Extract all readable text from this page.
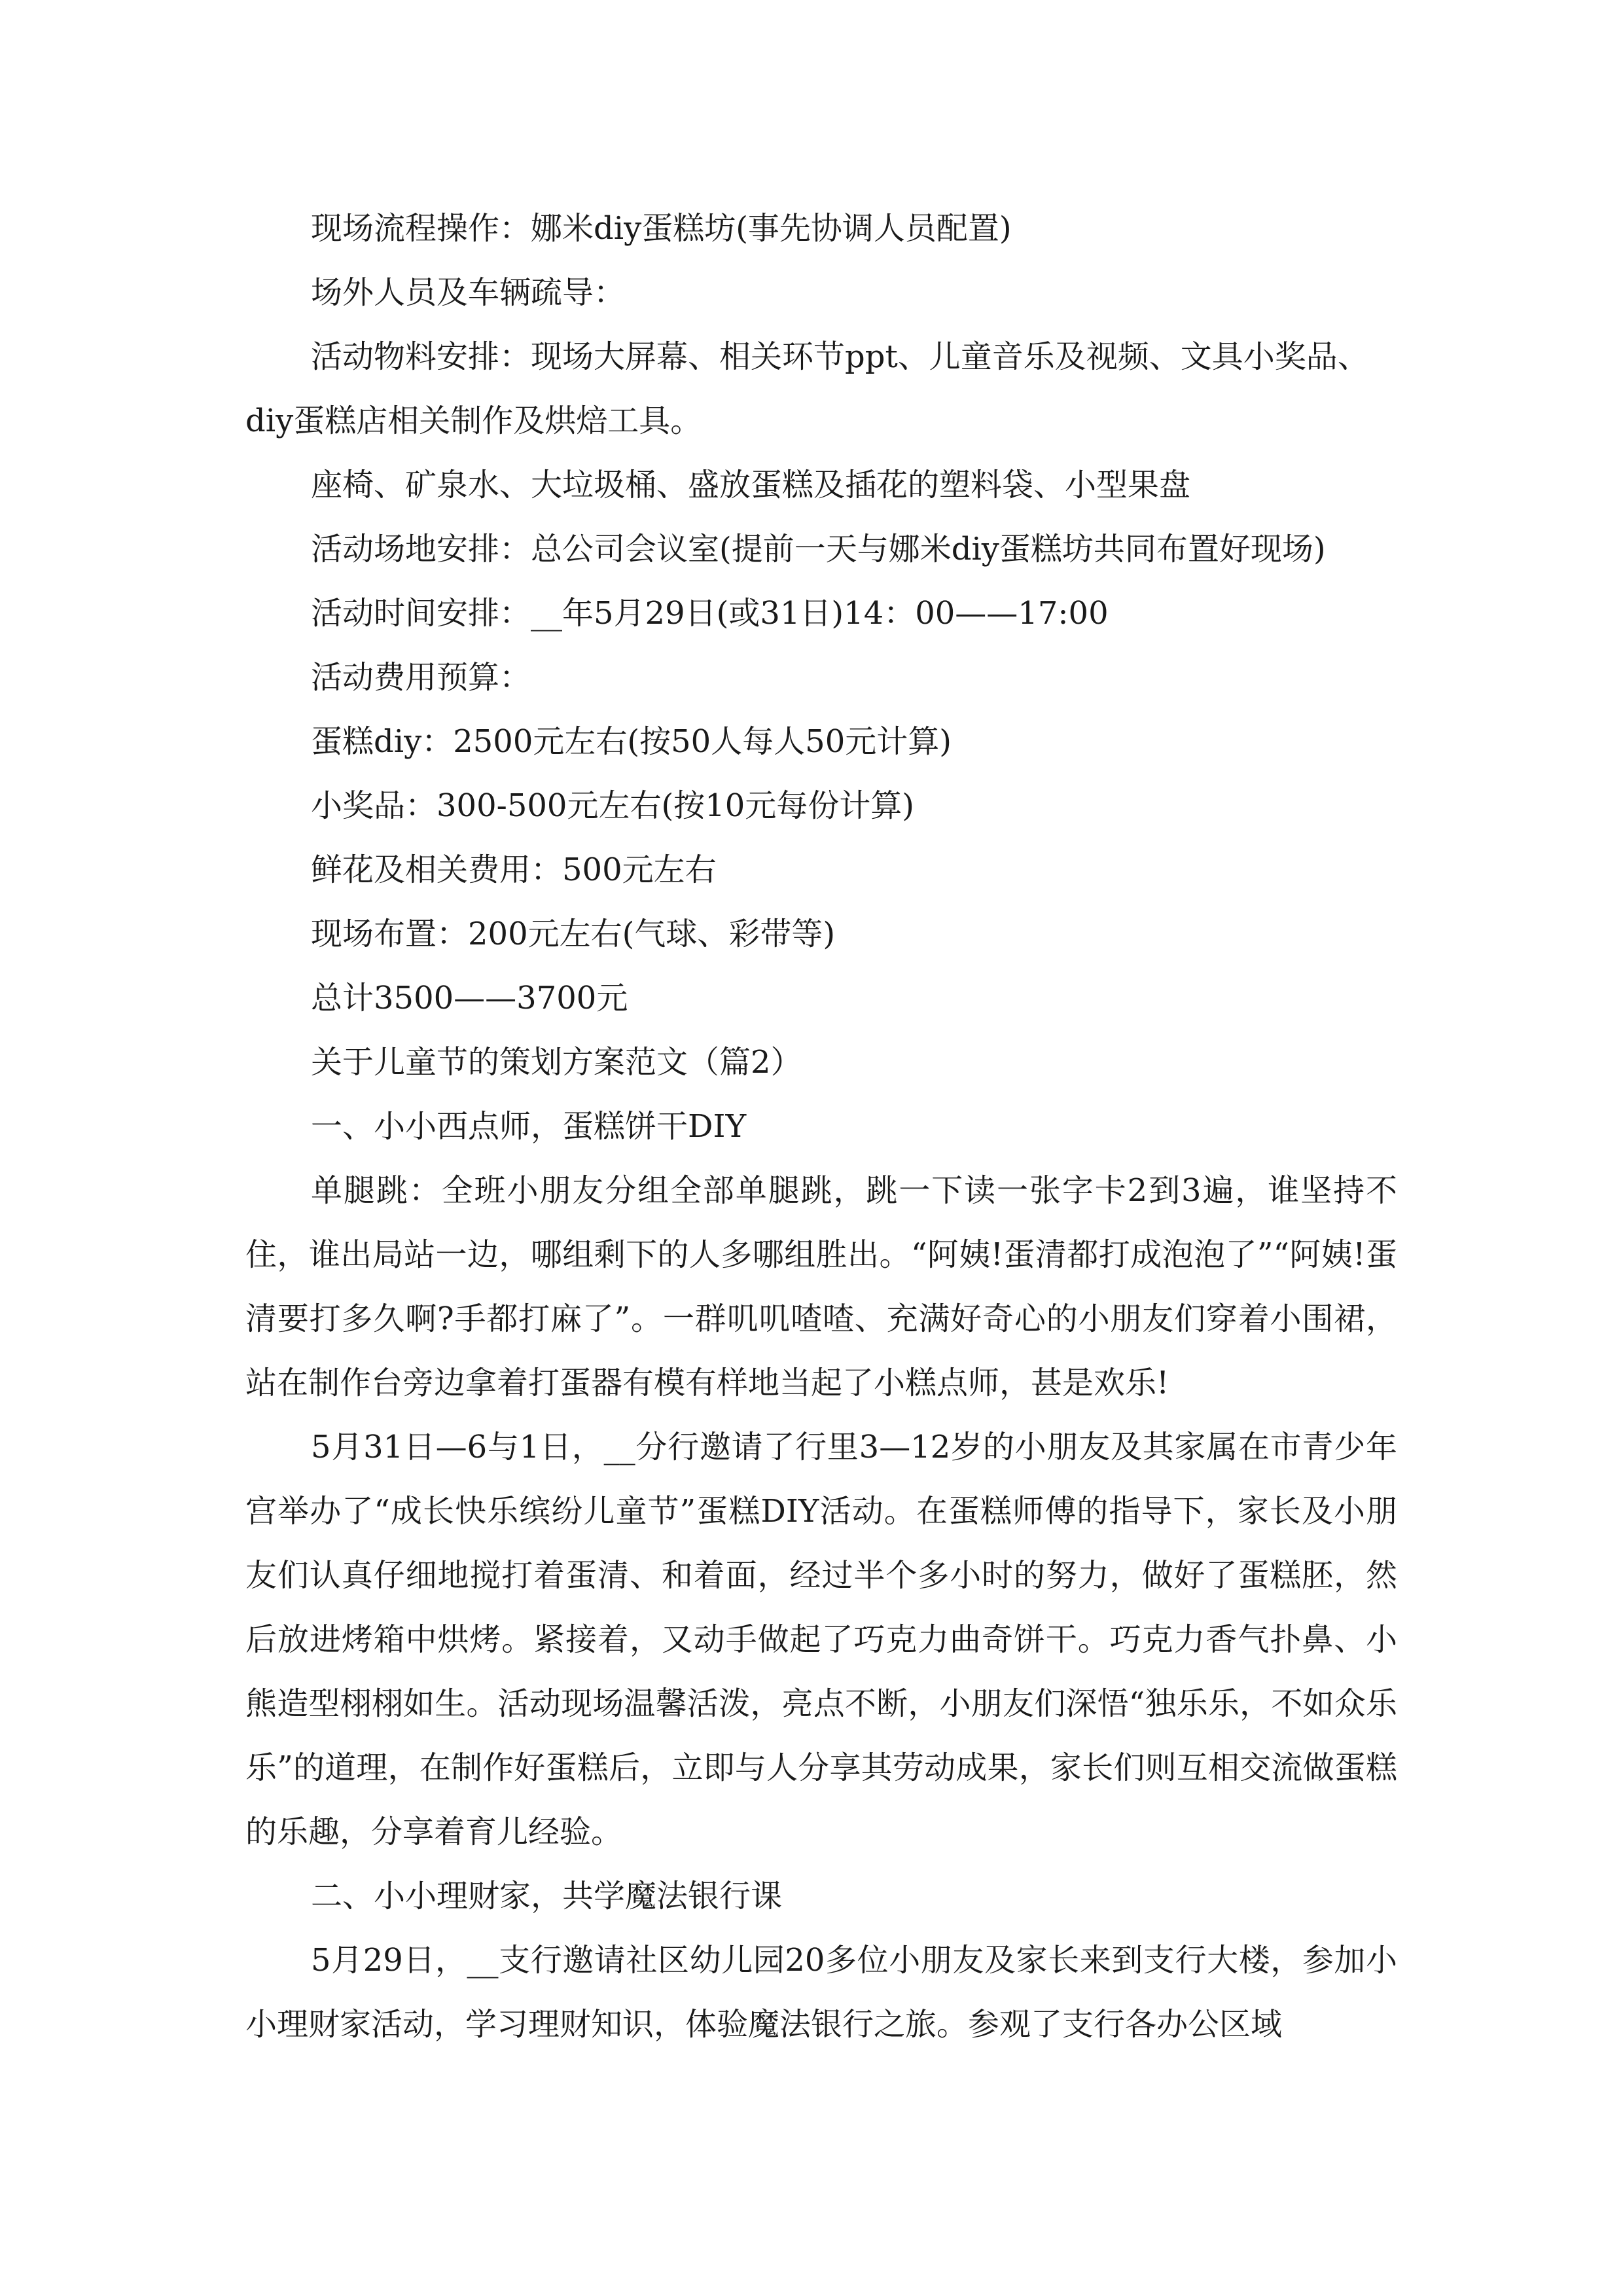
现场流程操作：娜米diy蛋糕坊(事先协调人员配置)
场外人员及车辆疏导：
活动物料安排：现场大屏幕、相关环节ppt、儿童音乐及视频、文具小奖品、
diy蛋糕店相关制作及烘焙工具。
座椅、矿泉水、大垃圾桶、盛放蛋糕及插花的塑料袋、小型果盘
活动场地安排：总公司会议室(提前一天与娜米diy蛋糕坊共同布置好现场)
活动时间安排：__年5月29日(或31日)14：00——17:00
活动费用预算：
蛋糕diy：2500元左右(按50人每人50元计算)
小奖品：300-500元左右(按10元每份计算)
鲜花及相关费用：500元左右
现场布置：200元左右(气球、彩带等)
总计3500——3700元
关于儿童节的策划方案范文（篇2）
一、小小西点师，蛋糕饼干DIY

单腿跳：全班小朋友分组全部单腿跳，跳一下读一张字卡2到3遍，谁坚持不住，谁出局站一边，哪组剩下的人多哪组胜出。“阿姨!蛋清都打成泡泡了”“阿姨!蛋清要打多久啊?手都打麻了”。一群叽叽喳喳、充满好奇心的小朋友们穿着小围裙，站在制作台旁边拿着打蛋器有模有样地当起了小糕点师，甚是欢乐!

5月31日—6与1日，__分行邀请了行里3—12岁的小朋友及其家属在市青少年宫举办了“成长快乐缤纷儿童节”蛋糕DIY活动。在蛋糕师傅的指导下，家长及小朋友们认真仔细地搅打着蛋清、和着面，经过半个多小时的努力，做好了蛋糕胚，然后放进烤箱中烘烤。紧接着，又动手做起了巧克力曲奇饼干。巧克力香气扑鼻、小熊造型栩栩如生。活动现场温馨活泼，亮点不断，小朋友们深悟“独乐乐，不如众乐乐”的道理，在制作好蛋糕后，立即与人分享其劳动成果，家长们则互相交流做蛋糕的乐趣，分享着育儿经验。

二、小小理财家，共学魔法银行课

5月29日，__支行邀请社区幼儿园20多位小朋友及家长来到支行大楼，参加小小理财家活动，学习理财知识，体验魔法银行之旅。参观了支行各办公区域
